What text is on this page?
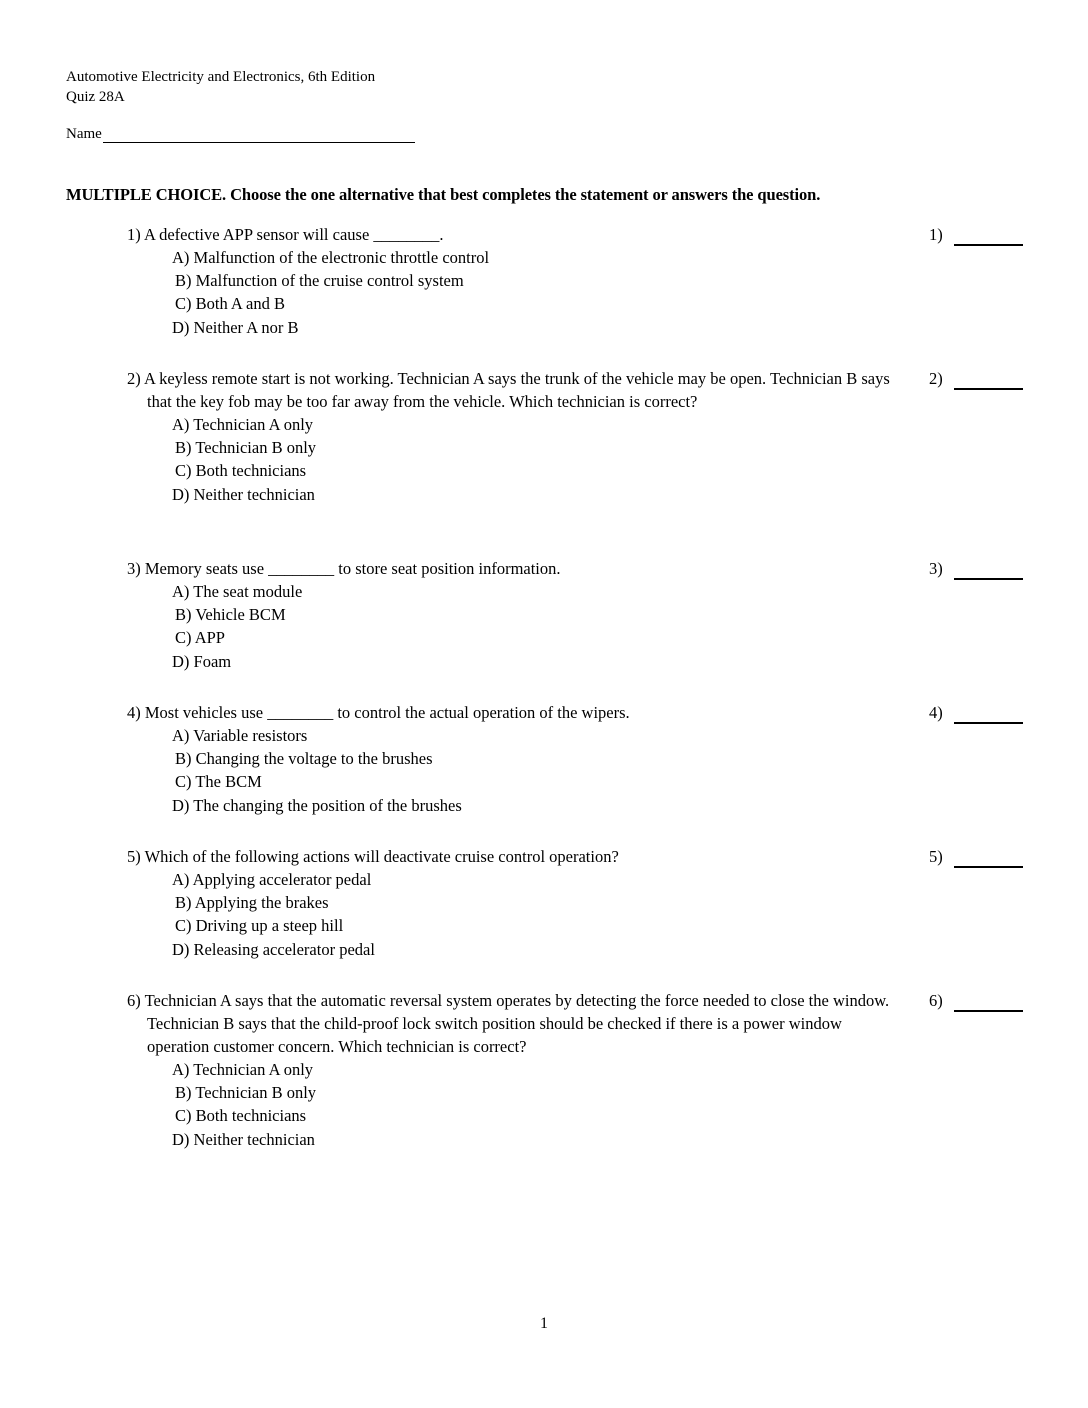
Automotive Electricity and Electronics, 6th Edition
Quiz 28A
Name
MULTIPLE CHOICE. Choose the one alternative that best completes the statement or answers the question.
1) A defective APP sensor will cause ________.
A) Malfunction of the electronic throttle control
B) Malfunction of the cruise control system
C) Both A and B
D) Neither A nor B
1)
2) A keyless remote start is not working. Technician A says the trunk of the vehicle may be open. Technician B says that the key fob may be too far away from the vehicle. Which technician is correct?
A) Technician A only
B) Technician B only
C) Both technicians
D) Neither technician
2)
3) Memory seats use ________ to store seat position information.
A) The seat module
B) Vehicle BCM
C) APP
D) Foam
3)
4) Most vehicles use ________ to control the actual operation of the wipers.
A) Variable resistors
B) Changing the voltage to the brushes
C) The BCM
D) The changing the position of the brushes
4)
5) Which of the following actions will deactivate cruise control operation?
A) Applying accelerator pedal
B) Applying the brakes
C) Driving up a steep hill
D) Releasing accelerator pedal
5)
6) Technician A says that the automatic reversal system operates by detecting the force needed to close the window. Technician B says that the child-proof lock switch position should be checked if there is a power window operation customer concern. Which technician is correct?
A) Technician A only
B) Technician B only
C) Both technicians
D) Neither technician
6)
1
